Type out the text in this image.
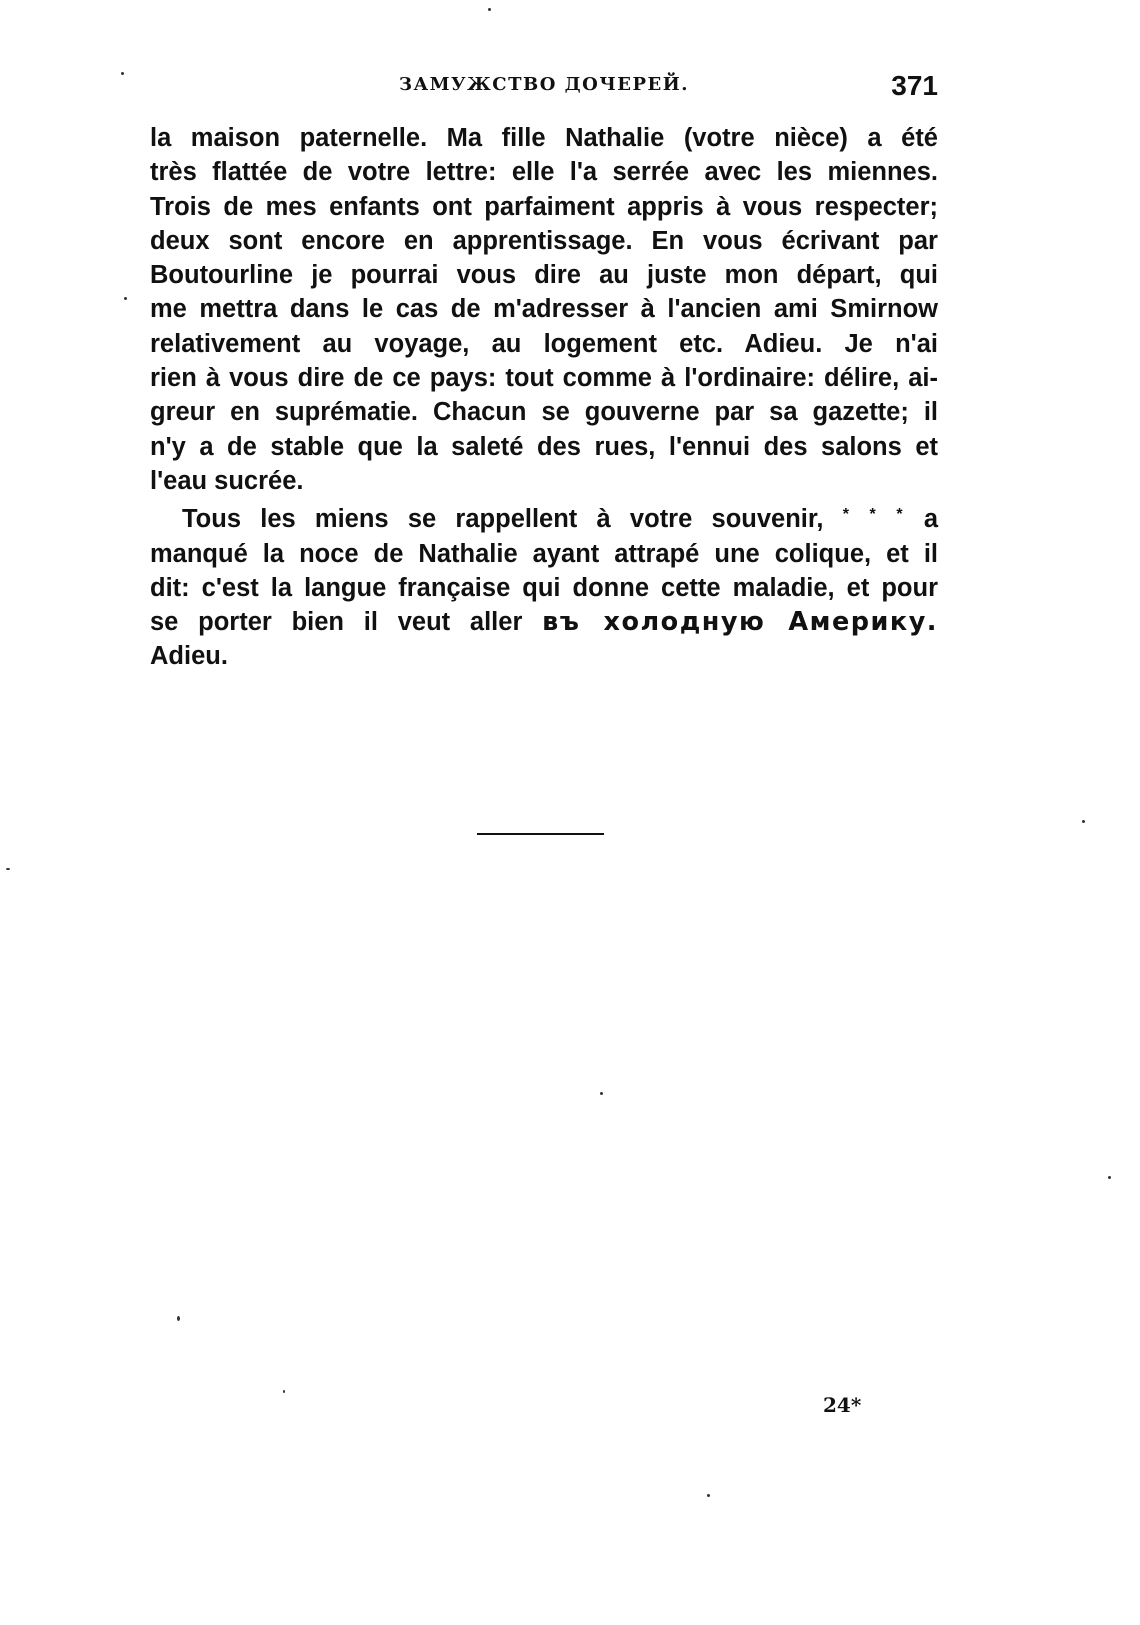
ЗАМУЖСТВО ДОЧЕРЕЙ.	371

la maison paternelle. Ma fille Nathalie (votre nièce) a été
très flattée de votre lettre: elle l'a serrée avec les miennes.
Trois de mes enfants ont parfaiment appris à vous respecter;
deux sont encore en apprentissage. En vous écrivant par
Boutourline je pourrai vous dire au juste mon départ, qui
me mettra dans le cas de m'adresser à l'ancien ami Smirnow
relativement au voyage, au logement etc. Adieu. Je n'ai
rien à vous dire de ce pays: tout comme à l'ordinaire: délire, ai-
greur en suprématie. Chacun se gouverne par sa gazette; il
n'y a de stable que la saleté des rues, l'ennui des salons et
l'eau sucrée.

Tous les miens se rappellent à votre souvenir, * * * a
manqué la noce de Nathalie ayant attrapé une colique, et il
dit: c'est la langue française qui donne cette maladie, et pour
se porter bien il veut aller въ холодную Америку.
Adieu.

24*
